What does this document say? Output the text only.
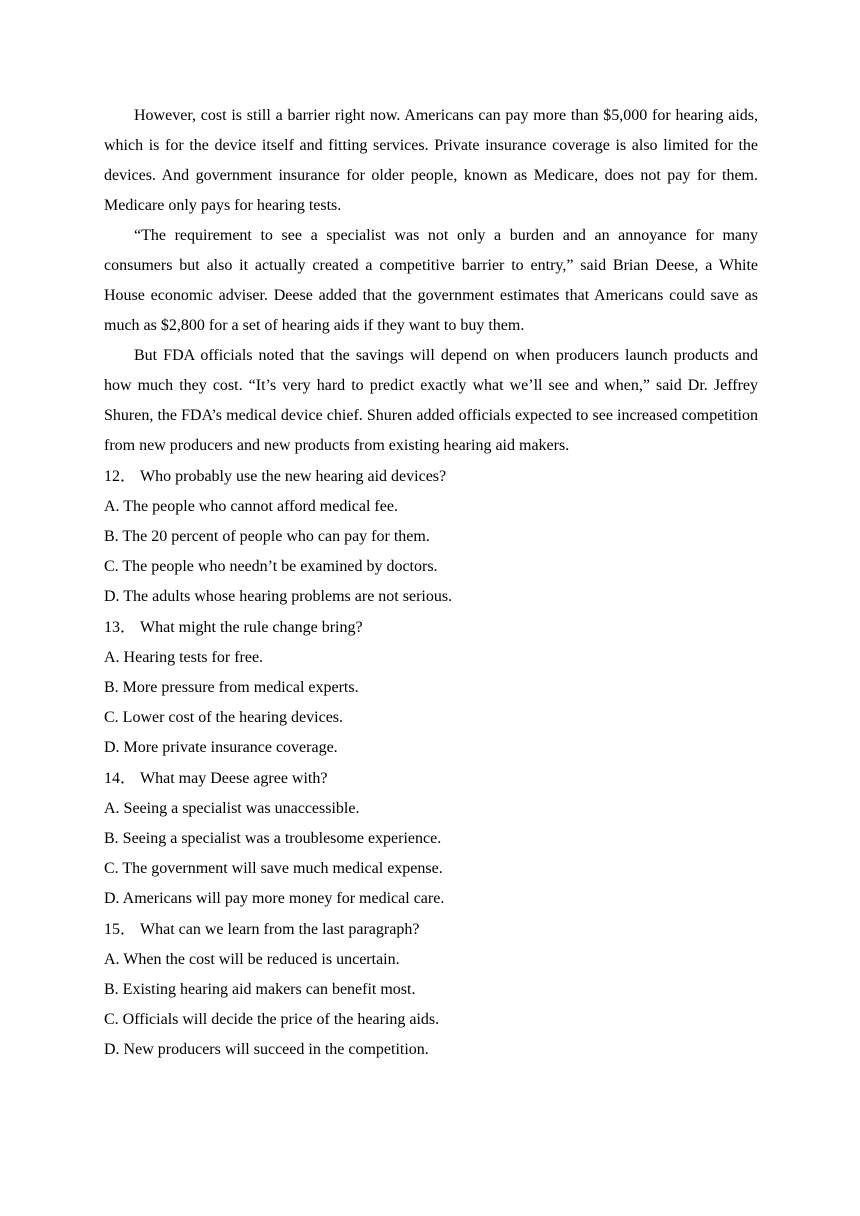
However, cost is still a barrier right now. Americans can pay more than $5,000 for hearing aids, which is for the device itself and fitting services. Private insurance coverage is also limited for the devices. And government insurance for older people, known as Medicare, does not pay for them. Medicare only pays for hearing tests.

“The requirement to see a specialist was not only a burden and an annoyance for many consumers but also it actually created a competitive barrier to entry,” said Brian Deese, a White House economic adviser. Deese added that the government estimates that Americans could save as much as $2,800 for a set of hearing aids if they want to buy them.

But FDA officials noted that the savings will depend on when producers launch products and how much they cost. “It’s very hard to predict exactly what we’ll see and when,” said Dr. Jeffrey Shuren, the FDA’s medical device chief. Shuren added officials expected to see increased competition from new producers and new products from existing hearing aid makers.

12． Who probably use the new hearing aid devices?

A. The people who cannot afford medical fee.

B. The 20 percent of people who can pay for them.

C. The people who needn’t be examined by doctors.

D. The adults whose hearing problems are not serious.

13． What might the rule change bring?

A. Hearing tests for free.

B. More pressure from medical experts.

C. Lower cost of the hearing devices.

D. More private insurance coverage.

14． What may Deese agree with?

A. Seeing a specialist was unaccessible.

B. Seeing a specialist was a troublesome experience.

C. The government will save much medical expense.

D. Americans will pay more money for medical care.

15． What can we learn from the last paragraph?

A. When the cost will be reduced is uncertain.

B. Existing hearing aid makers can benefit most.

C. Officials will decide the price of the hearing aids.

D. New producers will succeed in the competition.
